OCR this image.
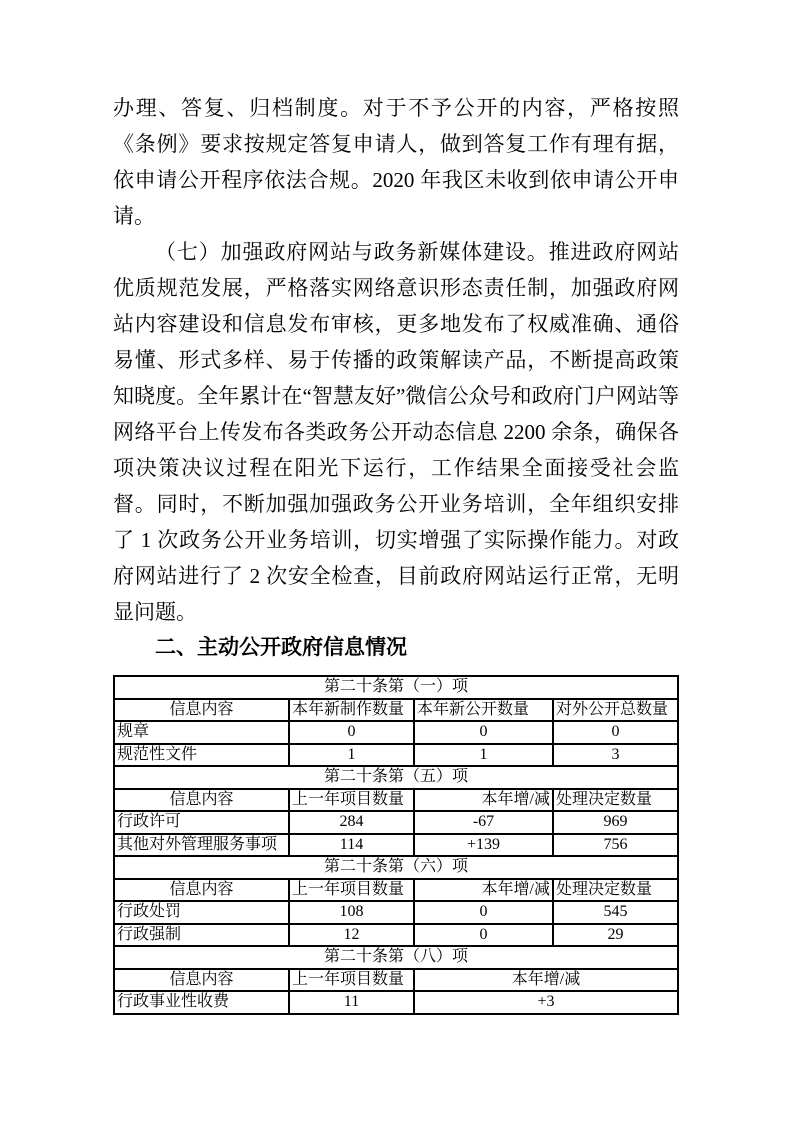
办理、答复、归档制度。对于不予公开的内容，严格按照《条例》要求按规定答复申请人，做到答复工作有理有据，依申请公开程序依法合规。2020 年我区未收到依申请公开申请。

（七）加强政府网站与政务新媒体建设。推进政府网站优质规范发展，严格落实网络意识形态责任制，加强政府网站内容建设和信息发布审核，更多地发布了权威准确、通俗易懂、形式多样、易于传播的政策解读产品，不断提高政策知晓度。全年累计在“智慧友好”微信公众号和政府门户网站等网络平台上传发布各类政务公开动态信息 2200 余条，确保各项决策决议过程在阳光下运行，工作结果全面接受社会监督。同时，不断加强加强政务公开业务培训，全年组织安排了 1 次政务公开业务培训，切实增强了实际操作能力。对政府网站进行了 2 次安全检查，目前政府网站运行正常，无明显问题。

二、主动公开政府信息情况
第二十条第（一）项			
信息内容	本年新制作数量	本年新公开数量	对外公开总数量
规章	0	0	0
规范性文件	1	1	3
第二十条第（五）项			
信息内容	上一年项目数量	本年增/减	处理决定数量
行政许可	284	-67	969
其他对外管理服务事项	114	+139	756
第二十条第（六）项			
信息内容	上一年项目数量	本年增/减	处理决定数量
行政处罚	108	0	545
行政强制	12	0	29
第二十条第（八）项			
信息内容	上一年项目数量	本年增/减	
行政事业性收费	11	+3	
